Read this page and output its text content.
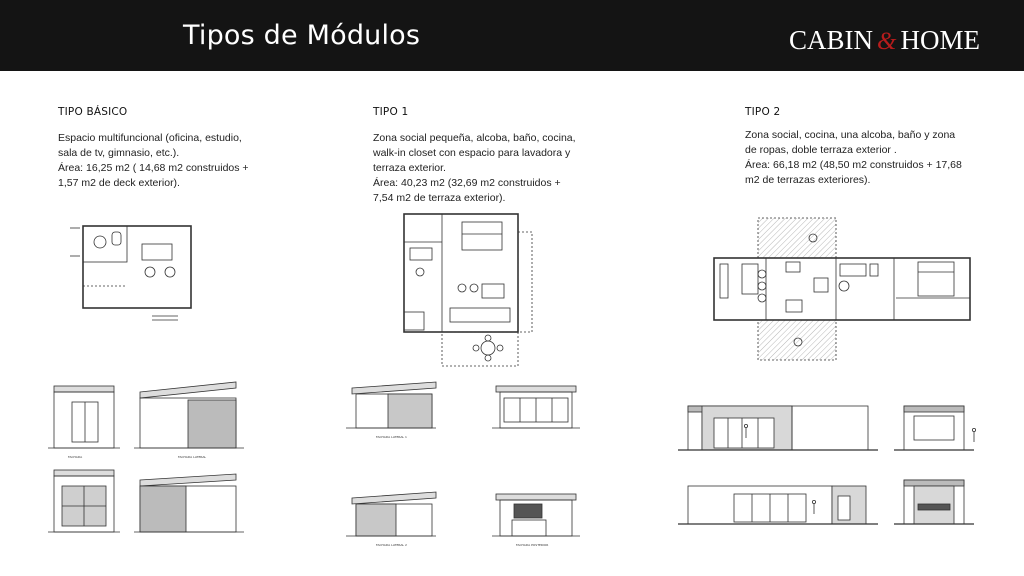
Tipos de Módulos	CABIN & HOME
TIPO BÁSICO

Espacio multifuncional (oficina, estudio, sala de tv, gimnasio, etc.).

Área: 16,25 m2 ( 14,68 m2 construidos + 1,57 m2 de deck exterior).

TIPO 1

Zona social pequeña, alcoba, baño, cocina, walk-in closet con espacio para lavadora y terraza exterior.

Área: 40,23 m2 (32,69 m2 construidos + 7,54 m2 de terraza exterior).

TIPO 2

Zona social, cocina, una alcoba, baño y zona de ropas, doble terraza exterior .

Área: 66,18 m2 (48,50 m2 construidos + 17,68 m2 de terrazas exteriores).

FACHADA	FACHADA LATERAL
FACHADA LATERAL 1
FACHADA LATERAL 2	FACHADA POSTERIOR
